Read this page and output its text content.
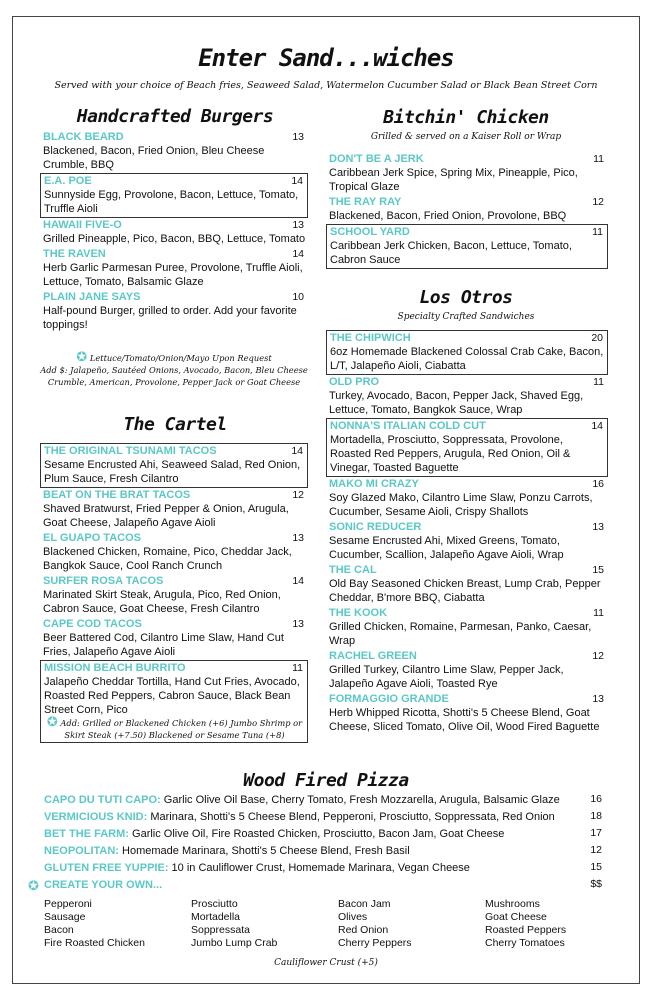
Enter Sand...wiches
Served with your choice of Beach fries, Seaweed Salad, Watermelon Cucumber Salad or Black Bean Street Corn
Handcrafted Burgers
BLACK BEARD	13
Blackened, Bacon, Fried Onion, Bleu Cheese Crumble, BBQ
E.A. POE	14
Sunnyside Egg, Provolone, Bacon, Lettuce, Tomato, Truffle Aioli
HAWAII FIVE-O	13
Grilled Pineapple, Pico, Bacon, BBQ, Lettuce, Tomato
THE RAVEN	14
Herb Garlic Parmesan Puree, Provolone, Truffle Aioli, Lettuce, Tomato, Balsamic Glaze
PLAIN JANE SAYS	10
Half-pound Burger, grilled to order. Add your favorite toppings!
✪ Lettuce/Tomato/Onion/Mayo Upon Request
Add $: Jalapeño, Sautéed Onions, Avocado, Bacon, Bleu Cheese Crumble, American, Provolone, Pepper Jack or Goat Cheese
The Cartel
THE ORIGINAL TSUNAMI TACOS	14
Sesame Encrusted Ahi, Seaweed Salad, Red Onion, Plum Sauce, Fresh Cilantro
BEAT ON THE BRAT TACOS	12
Shaved Bratwurst, Fried Pepper & Onion, Arugula, Goat Cheese, Jalapeño Agave Aioli
EL GUAPO TACOS	13
Blackened Chicken, Romaine, Pico, Cheddar Jack, Bangkok Sauce, Cool Ranch Crunch
SURFER ROSA TACOS	14
Marinated Skirt Steak, Arugula, Pico, Red Onion, Cabron Sauce, Goat Cheese, Fresh Cilantro
CAPE COD TACOS	13
Beer Battered Cod, Cilantro Lime Slaw, Hand Cut Fries, Jalapeño Agave Aioli
MISSION BEACH BURRITO	11
Jalapeño Cheddar Tortilla, Hand Cut Fries, Avocado, Roasted Red Peppers, Cabron Sauce, Black Bean Street Corn, Pico
✪ Add: Grilled or Blackened Chicken (+6) Jumbo Shrimp or Skirt Steak (+7.50) Blackened or Sesame Tuna (+8)
Bitchin' Chicken
Grilled & served on a Kaiser Roll or Wrap
DON'T BE A JERK	11
Caribbean Jerk Spice, Spring Mix, Pineapple, Pico, Tropical Glaze
THE RAY RAY	12
Blackened, Bacon, Fried Onion, Provolone, BBQ
SCHOOL YARD	11
Caribbean Jerk Chicken, Bacon, Lettuce, Tomato, Cabron Sauce
Los Otros
Specialty Crafted Sandwiches
THE CHIPWICH	20
6oz Homemade Blackened Colossal Crab Cake, Bacon, L/T, Jalapeño Aioli, Ciabatta
OLD PRO	11
Turkey, Avocado, Bacon, Pepper Jack, Shaved Egg, Lettuce, Tomato, Bangkok Sauce, Wrap
NONNA'S ITALIAN COLD CUT	14
Mortadella, Prosciutto, Soppressata, Provolone, Roasted Red Peppers, Arugula, Red Onion, Oil & Vinegar, Toasted Baguette
MAKO MI CRAZY	16
Soy Glazed Mako, Cilantro Lime Slaw, Ponzu Carrots, Cucumber, Sesame Aioli, Crispy Shallots
SONIC REDUCER	13
Sesame Encrusted Ahi, Mixed Greens, Tomato, Cucumber, Scallion, Jalapeño Agave Aioli, Wrap
THE CAL	15
Old Bay Seasoned Chicken Breast, Lump Crab, Pepper Cheddar, B'more BBQ, Ciabatta
THE KOOK	11
Grilled Chicken, Romaine, Parmesan, Panko, Caesar, Wrap
RACHEL GREEN	12
Grilled Turkey, Cilantro Lime Slaw, Pepper Jack, Jalapeño Agave Aioli, Toasted Rye
FORMAGGIO GRANDE	13
Herb Whipped Ricotta, Shotti's 5 Cheese Blend, Goat Cheese, Sliced Tomato, Olive Oil, Wood Fired Baguette
Wood Fired Pizza
CAPO DU TUTI CAPO: Garlic Olive Oil Base, Cherry Tomato, Fresh Mozzarella, Arugula, Balsamic Glaze	16
VERMICIOUS KNID: Marinara, Shotti's 5 Cheese Blend, Pepperoni, Prosciutto, Soppressata, Red Onion	18
BET THE FARM: Garlic Olive Oil, Fire Roasted Chicken, Prosciutto, Bacon Jam, Goat Cheese	17
NEOPOLITAN: Homemade Marinara, Shotti's 5 Cheese Blend, Fresh Basil	12
GLUTEN FREE YUPPIE: 10 in Cauliflower Crust, Homemade Marinara, Vegan Cheese	15
✪ CREATE YOUR OWN...	$$
Pepperoni	Prosciutto	Bacon Jam	Mushrooms
Sausage	Mortadella	Olives	Goat Cheese
Bacon	Soppressata	Red Onion	Roasted Peppers
Fire Roasted Chicken	Jumbo Lump Crab	Cherry Peppers	Cherry Tomatoes
Cauliflower Crust (+5)
